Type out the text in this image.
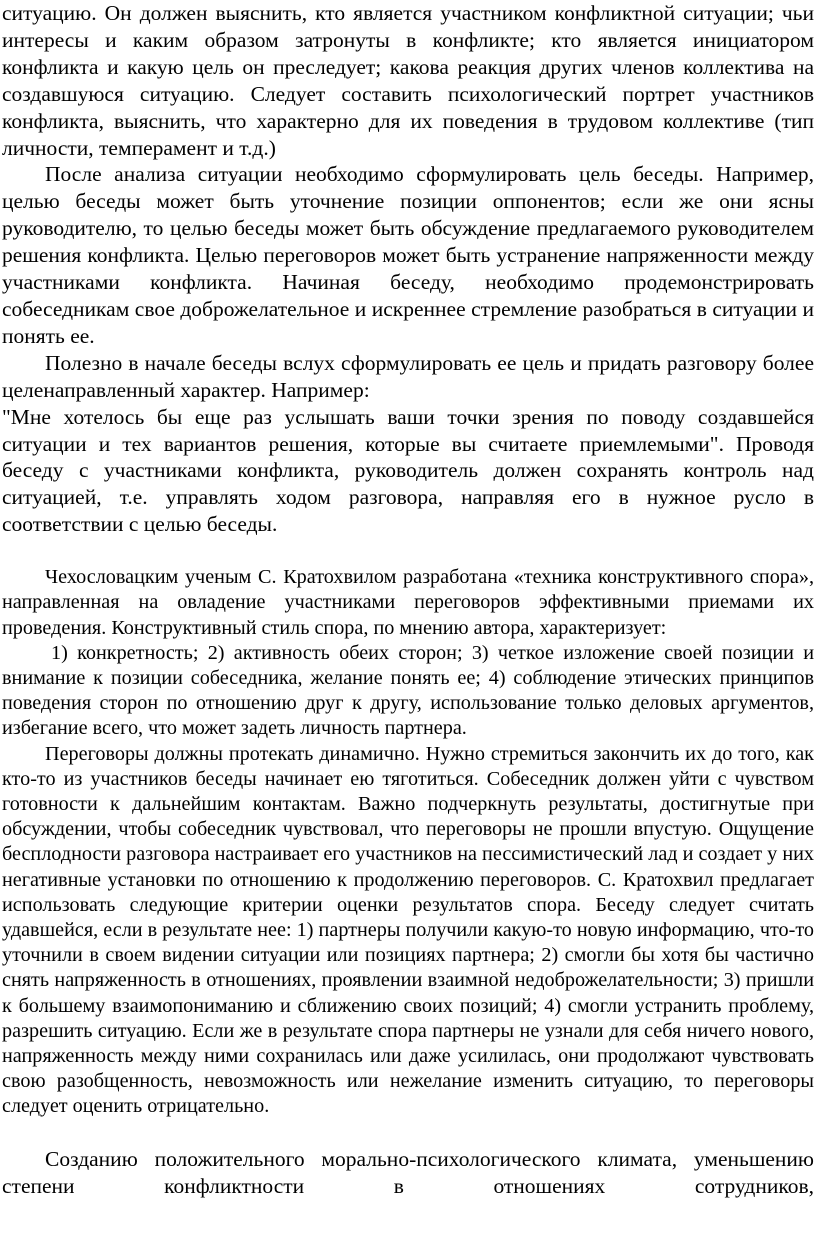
ситуацию. Он должен выяснить, кто является участником конфликтной ситуации; чьи интересы и каким образом затронуты в конфликте; кто является инициатором конфликта и какую цель он преследует; какова реакция других членов коллектива на создавшуюся ситуацию. Следует составить психологический портрет участников конфликта, выяснить, что характерно для их поведения в трудовом коллективе (тип личности, темперамент и т.д.)

После анализа ситуации необходимо сформулировать цель беседы. Например, целью беседы может быть уточнение позиции оппонентов; если же они ясны руководителю, то целью беседы может быть обсуждение предлагаемого руководителем решения конфликта. Целью переговоров может быть устранение напряженности между участниками конфликта. Начиная беседу, необходимо продемонстрировать собеседникам свое доброжелательное и искреннее стремление разобраться в ситуации и понять ее.

Полезно в начале беседы вслух сформулировать ее цель и придать разговору более целенаправленный характер. Например:

"Мне хотелось бы еще раз услышать ваши точки зрения по поводу создавшейся ситуации и тех вариантов решения, которые вы считаете приемлемыми". Проводя беседу с участниками конфликта, руководитель должен сохранять контроль над ситуацией, т.е. управлять ходом разговора, направляя его в нужное русло в соответствии с целью беседы.

Чехословацким ученым С. Кратохвилом разработана «техника конструктивного спора», направленная на овладение участниками переговоров эффективными приемами их проведения. Конструктивный стиль спора, по мнению автора, характеризует:

1) конкретность; 2) активность обеих сторон; 3) четкое изложение своей позиции и внимание к позиции собеседника, желание понять ее; 4) соблюдение этических принципов поведения сторон по отношению друг к другу, использование только деловых аргументов, избегание всего, что может задеть личность партнера.

Переговоры должны протекать динамично. Нужно стремиться закончить их до того, как кто-то из участников беседы начинает ею тяготиться. Собеседник должен уйти с чувством готовности к дальнейшим контактам. Важно подчеркнуть результаты, достигнутые при обсуждении, чтобы собеседник чувствовал, что переговоры не прошли впустую. Ощущение бесплодности разговора настраивает его участников на пессимистический лад и создает у них негативные установки по отношению к продолжению переговоров. С. Кратохвил предлагает использовать следующие критерии оценки результатов спора. Беседу следует считать удавшейся, если в результате нее: 1) партнеры получили какую-то новую информацию, что-то уточнили в своем видении ситуации или позициях партнера; 2) смогли бы хотя бы частично снять напряженность в отношениях, проявлении взаимной недоброжелательности; 3) пришли к большему взаимопониманию и сближению своих позиций; 4) смогли устранить проблему, разрешить ситуацию. Если же в результате спора партнеры не узнали для себя ничего нового, напряженность между ними сохранилась или даже усилилась, они продолжают чувствовать свою разобщенность, невозможность или нежелание изменить ситуацию, то переговоры следует оценить отрицательно.

Созданию положительного морально-психологического климата, уменьшению степени конфликтности в отношениях сотрудников,
